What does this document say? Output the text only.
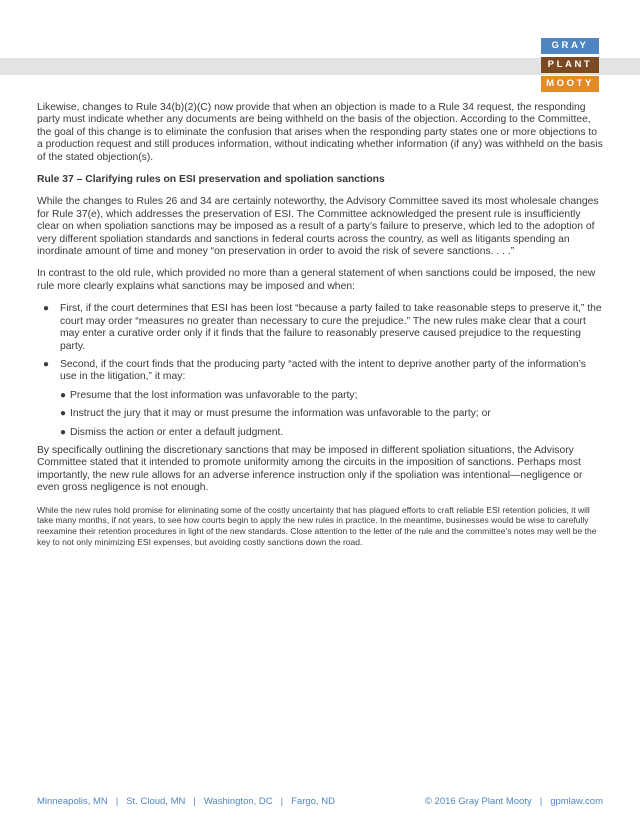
GRAY
PLANT
MOOTY

Likewise, changes to Rule 34(b)(2)(C) now provide that when an objection is made to a Rule 34 request, the responding party must indicate whether any documents are being withheld on the basis of the objection. According to the Committee, the goal of this change is to eliminate the confusion that arises when the responding party states one or more objections to a production request and still produces information, without indicating whether information (if any) was withheld on the basis of the stated objection(s).

Rule 37 – Clarifying rules on ESI preservation and spoliation sanctions

While the changes to Rules 26 and 34 are certainly noteworthy, the Advisory Committee saved its most wholesale changes for Rule 37(e), which addresses the preservation of ESI. The Committee acknowledged the present rule is insufficiently clear on when spoliation sanctions may be imposed as a result of a party’s failure to preserve, which led to the adoption of very different spoliation standards and sanctions in federal courts across the country, as well as litigants spending an inordinate amount of time and money “on preservation in order to avoid the risk of severe sanctions. . . .”

In contrast to the old rule, which provided no more than a general statement of when sanctions could be imposed, the new rule more clearly explains what sanctions may be imposed and when:

● First, if the court determines that ESI has been lost “because a party failed to take reasonable steps to preserve it,” the court may order “measures no greater than necessary to cure the prejudice.” The new rules make clear that a court may enter a curative order only if it finds that the failure to reasonably preserve caused prejudice to the requesting party.
● Second, if the court finds that the producing party “acted with the intent to deprive another party of the information’s use in the litigation,” it may:
● Presume that the lost information was unfavorable to the party;
● Instruct the jury that it may or must presume the information was unfavorable to the party; or
● Dismiss the action or enter a default judgment.

By specifically outlining the discretionary sanctions that may be imposed in different spoliation situations, the Advisory Committee stated that it intended to promote uniformity among the circuits in the imposition of sanctions. Perhaps most importantly, the new rule allows for an adverse inference instruction only if the spoliation was intentional—negligence or even gross negligence is not enough.

While the new rules hold promise for eliminating some of the costly uncertainty that has plagued efforts to craft reliable ESI retention policies, it will take many months, if not years, to see how courts begin to apply the new rules in practice. In the meantime, businesses would be wise to carefully reexamine their retention procedures in light of the new standards. Close attention to the letter of the rule and the committee’s notes may well be the key to not only minimizing ESI expenses, but avoiding costly sanctions down the road.

Minneapolis, MN | St. Cloud, MN | Washington, DC | Fargo, ND	© 2016 Gray Plant Mooty | gpmlaw.com
